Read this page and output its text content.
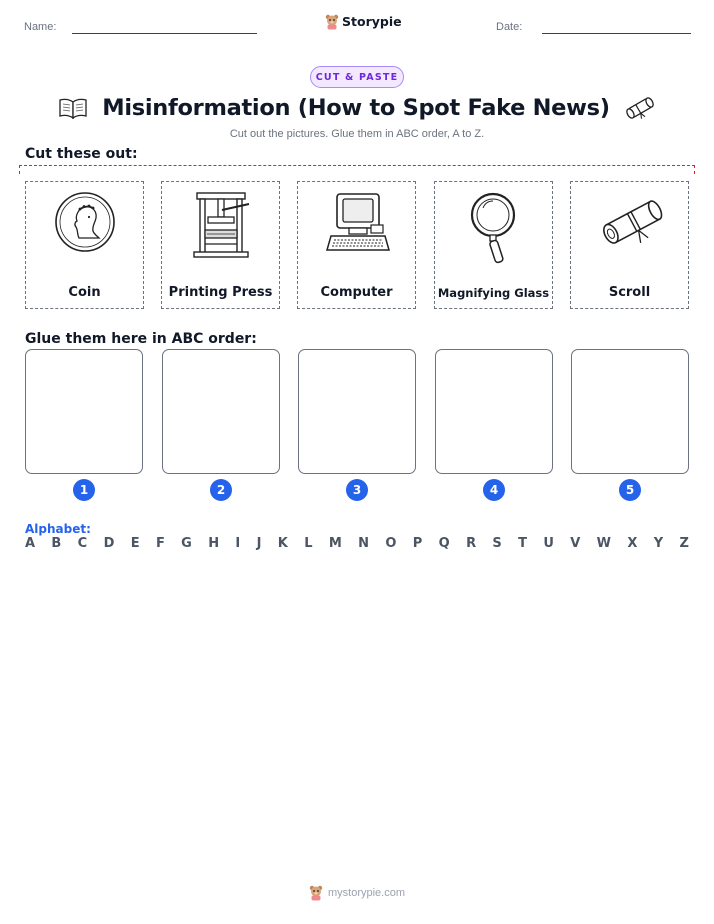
Name:	Storypie	Date:
CUT & PASTE
Misinformation (How to Spot Fake News)
Cut out the pictures. Glue them in ABC order, A to Z.
Cut these out:
Coin	Printing Press	Computer	Magnifying Glass	Scroll
Glue them here in ABC order:
1	2	3	4	5
Alphabet:
A B C D E F G H I J K L M N O P Q R S T U V W X Y Z
mystorypie.com
